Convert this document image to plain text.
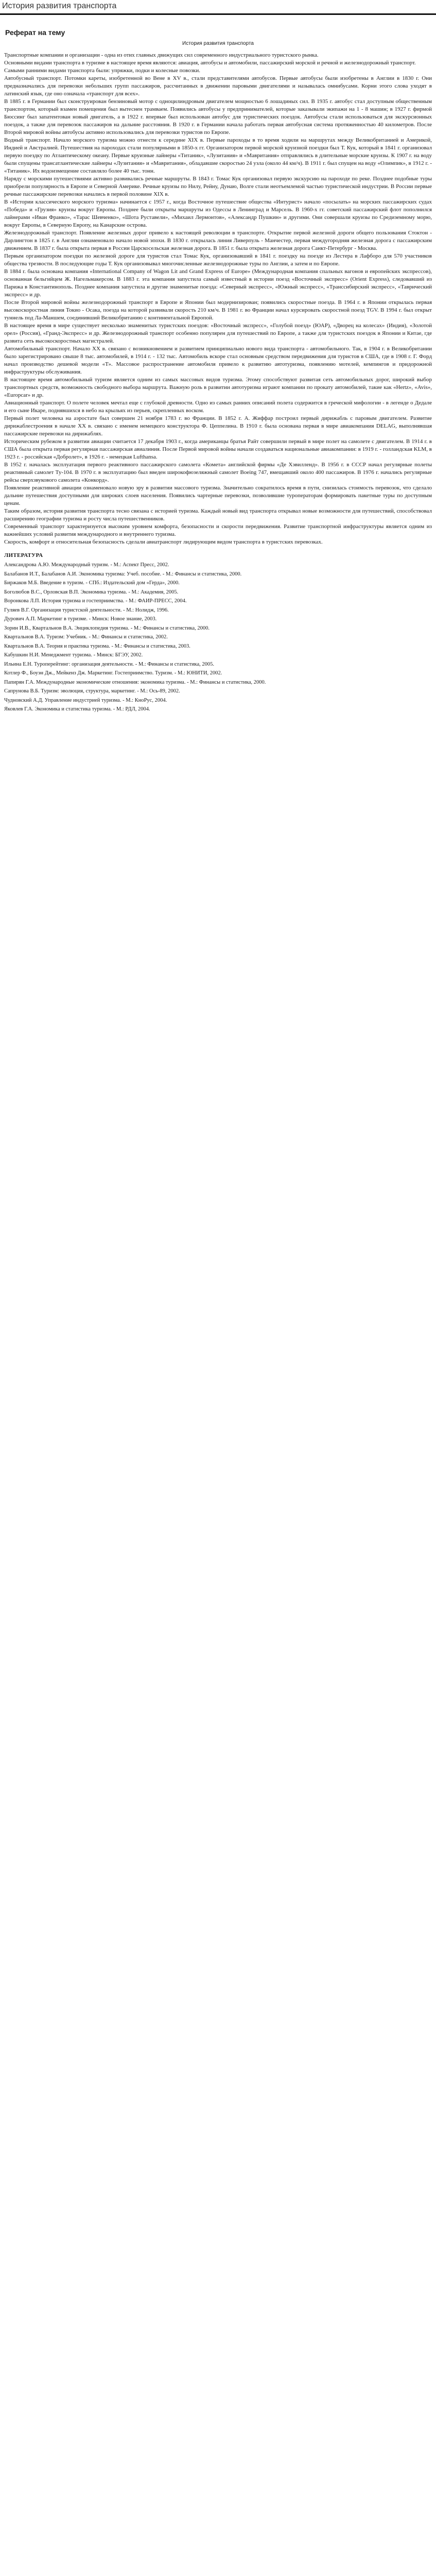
История развития транспорта
Реферат на тему
История развития транспорта

Транспортные компании и организации - одна из отих главных движущих сил современного индустриального туристского рынка.

Основными видами транспорта в туризме в настоящее время являются: авиация, автобусы и автомобили, пассажирский морской и речной и железнодорожный транспорт.

Самыми ранними видами транспорта были: упряжки, подки и колесные повозки.

Автобусный транспорт. Потомки кареты, изобретенной во Вене в XV в., стали представителями автобусов. Первые автобусы были изобретены в Англии в 1830 г. Они предназначались для перевозки небольших групп пассажиров, рассчитанных в движении паровыми двигателями и называлась омнибусами. Корни этого слова уходят в латинский язык, где оно означала «транспорт для всех».

В 1885 г. в Германии был сконструирован бензиновый мотор с одноцилиндровым двигателем мощностью 6 лошадиных сил. В 1935 г. автобус стал доступным общественным транспортом, который взамен помещения был вытеснен трамваем. Появились автобусы у предпринимателей, которые заказывали экипажи на 1 - 8 машин; в 1927 г. фирмой Бюссинг был запатентован новый двигатель, а в 1922 г. впервые был использован автобус для туристических поездок. Автобусы стали использоваться для экскурсионных поездок, а также для перевозок пассажиров на дальние расстояния. В 1920 г. в Германии начала работать первая автобусная система протяженностью 40 километров. После Второй мировой войны автобусы активно использовались для перевозки туристов по Европе.

Водный транспорт. Начало морского туризма можно отнести к середине XIX в. Первые пароходы в то время ходили на маршрутах между Великобританией и Америкой, Индией и Австралией. Путешествия на пароходах стали популярными в 1850-х гг. Организатором первой морской круизной поездки был Т. Кук, который в 1841 г. организовал первую поездку по Атлантическому океану. Первые круизные лайнеры «Титаник», «Лузитания» и «Мавритания» отправлялись в длительные морские круизы. К 1907 г. на воду были спущены трансатлантические лайнеры «Лузитания» и «Мавритания», обладавшие скоростью 24 узла (около 44 км/ч). В 1911 г. был спущен на воду «Олимпик», в 1912 г. - «Титаник». Их водоизмещение составляло более 40 тыс. тонн.

Наряду с морскими путешествиями активно развивались речные маршруты. В 1843 г. Томас Кук организовал первую экскурсию на пароходе по реке. Позднее подобные туры приобрели популярность в Европе и Северной Америке. Речные круизы по Нилу, Рейну, Дунаю, Волге стали неотъемлемой частью туристической индустрии. В России первые речные пассажирские перевозки начались в первой половине XIX в.

В «Истории классического морского туризма» начинается с 1957 г., когда Восточное путешествие общества «Интурист» начало «посылать» на морских пассажирских судах «Победа» и «Грузия» круизы вокруг Европы. Позднее были открыты маршруты из Одессы в Ленинград и Марсель. В 1960-х гг. советский пассажирский флот пополнился лайнерами «Иван Франко», «Тарас Шевченко», «Шота Руставели», «Михаил Лермонтов», «Александр Пушкин» и другими. Они совершали круизы по Средиземному морю, вокруг Европы, в Северную Европу, на Канарские острова.

Железнодорожный транспорт. Появление железных дорог привело к настоящей революции в транспорте. Открытие первой железной дороги общего пользования Стоктон - Дарлингтон в 1825 г. в Англии ознаменовало начало новой эпохи. В 1830 г. открылась линия Ливерпуль - Манчестер, первая междугородняя железная дорога с пассажирским движением. В 1837 г. была открыта первая в России Царскосельская железная дорога. В 1851 г. была открыта железная дорога Санкт-Петербург - Москва.

Первым организатором поездки по железной дороге для туристов стал Томас Кук, организовавший в 1841 г. поездку на поезде из Лестера в Лафборо для 570 участников общества трезвости. В последующие годы Т. Кук организовывал многочисленные железнодорожные туры по Англии, а затем и по Европе.

В 1884 г. была основана компания «International Company of Wagon Lit and Grand Express of Europe» (Международная компания спальных вагонов и европейских экспрессов), основанная бельгийцем Ж. Нагельмакерсом. В 1883 г. эта компания запустила самый известный в истории поезд «Восточный экспресс» (Orient Express), следовавший из Парижа в Константинополь. Позднее компания запустила и другие знаменитые поезда: «Северный экспресс», «Южный экспресс», «Транссибирский экспресс», «Таврический экспресс» и др.

После Второй мировой войны железнодорожный транспорт в Европе и Японии был модернизирован; появились скоростные поезда. В 1964 г. в Японии открылась первая высокоскоростная линия Токио - Осака, поезда на которой развивали скорость 210 км/ч. В 1981 г. во Франции начал курсировать скоростной поезд TGV. В 1994 г. был открыт туннель под Ла-Маншем, соединивший Великобританию с континентальной Европой.

В настоящее время в мире существует несколько знаменитых туристских поездов: «Восточный экспресс», «Голубой поезд» (ЮАР), «Дворец на колесах» (Индия), «Золотой орел» (Россия), «Гранд-Экспресс» и др. Железнодорожный транспорт особенно популярен для путешествий по Европе, а также для туристских поездок в Японии и Китае, где развита сеть высокоскоростных магистралей.

Автомобильный транспорт. Начало XX в. связано с возникновением и развитием принципиально нового вида транспорта - автомобильного. Так, в 1904 г. в Великобритании было зарегистрировано свыше 8 тыс. автомобилей, в 1914 г. - 132 тыс. Автомобиль вскоре стал основным средством передвижения для туристов в США, где в 1908 г. Г. Форд начал производство дешевой модели «Т». Массовое распространение автомобиля привело к развитию автотуризма, появлению мотелей, кемпингов и придорожной инфраструктуры обслуживания.

В настоящее время автомобильный туризм является одним из самых массовых видов туризма. Этому способствуют развитая сеть автомобильных дорог, широкий выбор транспортных средств, возможность свободного выбора маршрута. Важную роль в развитии автотуризма играют компании по прокату автомобилей, такие как «Hertz», «Avis», «Europcar» и др.

Авиационный транспорт. О полете человек мечтал еще с глубокой древности. Одно из самых ранних описаний полета содержится в греческой мифологии - в легенде о Дедале и его сыне Икаре, поднявшихся в небо на крыльях из перьев, скрепленных воском.

Первый полет человека на аэростате был совершен 21 ноября 1783 г. во Франции. В 1852 г. А. Жиффар построил первый дирижабль с паровым двигателем. Развитие дирижаблестроения в начале XX в. связано с именем немецкого конструктора Ф. Цеппелина. В 1910 г. была основана первая в мире авиакомпания DELAG, выполнявшая пассажирские перевозки на дирижаблях.

Историческим рубежом в развитии авиации считается 17 декабря 1903 г., когда американцы братья Райт совершили первый в мире полет на самолете с двигателем. В 1914 г. в США была открыта первая регулярная пассажирская авиалиния. После Первой мировой войны начали создаваться национальные авиакомпании: в 1919 г. - голландская KLM, в 1923 г. - российская «Добролет», в 1926 г. - немецкая Lufthansa.

В 1952 г. началась эксплуатация первого реактивного пассажирского самолета «Комета» английской фирмы «Де Хэвилленд». В 1956 г. в СССР начал регулярные полеты реактивный самолет Ту-104. В 1970 г. в эксплуатацию был введен широкофюзеляжный самолет Boeing 747, вмещавший около 400 пассажиров. В 1976 г. начались регулярные рейсы сверхзвукового самолета «Конкорд».

Появление реактивной авиации ознаменовало новую эру в развитии массового туризма. Значительно сократилось время в пути, снизилась стоимость перевозок, что сделало дальние путешествия доступными для широких слоев населения. Появились чартерные перевозки, позволившие туроператорам формировать пакетные туры по доступным ценам.

Таким образом, история развития транспорта тесно связана с историей туризма. Каждый новый вид транспорта открывал новые возможности для путешествий, способствовал расширению географии туризма и росту числа путешественников.

Современный транспорт характеризуется высоким уровнем комфорта, безопасности и скорости передвижения. Развитие транспортной инфраструктуры является одним из важнейших условий развития международного и внутреннего туризма.

Скорость, комфорт и относительная безопасность сделали авиатранспорт лидирующим видом транспорта в туристских перевозках.

ЛИТЕРАТУРА
Александрова А.Ю. Международный туризм. - М.: Аспект Пресс, 2002.
Балабанов И.Т., Балабанов А.И. Экономика туризма: Учеб. пособие. - М.: Финансы и статистика, 2000.
Биржаков М.Б. Введение в туризм. - СПб.: Издательский дом «Герда», 2000.
Боголюбов В.С., Орловская В.П. Экономика туризма. - М.: Академия, 2005.
Воронкова Л.П. История туризма и гостеприимства. - М.: ФАИР-ПРЕСС, 2004.
Гуляев В.Г. Организация туристской деятельности. - М.: Нолидж, 1996.
Дурович А.П. Маркетинг в туризме. - Минск: Новое знание, 2003.
Зорин И.В., Квартальнов В.А. Энциклопедия туризма. - М.: Финансы и статистика, 2000.
Квартальнов В.А. Туризм: Учебник. - М.: Финансы и статистика, 2002.
Квартальнов В.А. Теория и практика туризма. - М.: Финансы и статистика, 2003.
Кабушкин Н.И. Менеджмент туризма. - Минск: БГЭУ, 2002.
Ильина Е.Н. Туроперейтинг: организация деятельности. - М.: Финансы и статистика, 2005.
Котлер Ф., Боуэн Дж., Мейкенз Дж. Маркетинг. Гостеприимство. Туризм. - М.: ЮНИТИ, 2002.
Папирян Г.А. Международные экономические отношения: экономика туризма. - М.: Финансы и статистика, 2000.
Сапрунова В.Б. Туризм: эволюция, структура, маркетинг. - М.: Ось-89, 2002.
Чудновский А.Д. Управление индустрией туризма. - М.: КноРус, 2004.
Яковлев Г.А. Экономика и статистика туризма. - М.: РДЛ, 2004.
